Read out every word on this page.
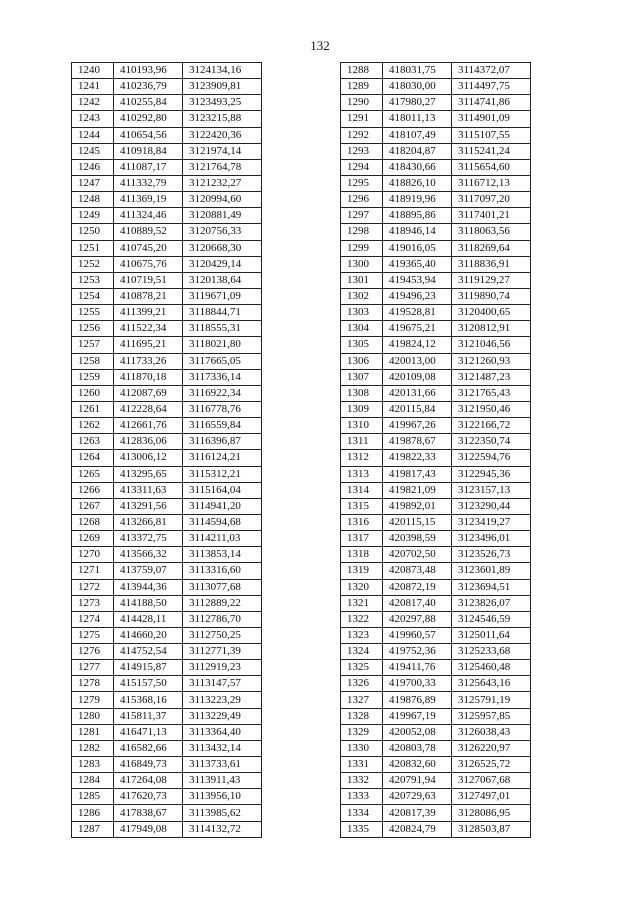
132
1240	410193,96	3124134,16
1241	410236,79	3123909,81
1242	410255,84	3123493,25
1243	410292,80	3123215,88
1244	410654,56	3122420,36
1245	410918,84	3121974,14
1246	411087,17	3121764,78
1247	411332,79	3121232,27
1248	411369,19	3120994,60
1249	411324,46	3120881,49
1250	410889,52	3120756,33
1251	410745,20	3120668,30
1252	410675,76	3120429,14
1253	410719,51	3120138,64
1254	410878,21	3119671,09
1255	411399,21	3118844,71
1256	411522,34	3118555,31
1257	411695,21	3118021,80
1258	411733,26	3117665,05
1259	411870,18	3117336,14
1260	412087,69	3116922,34
1261	412228,64	3116778,76
1262	412661,76	3116559,84
1263	412836,06	3116396,87
1264	413006,12	3116124,21
1265	413295,65	3115312,21
1266	413311,63	3115164,04
1267	413291,56	3114941,20
1268	413266,81	3114594,68
1269	413372,75	3114211,03
1270	413566,32	3113853,14
1271	413759,07	3113316,60
1272	413944,36	3113077,68
1273	414188,50	3112889,22
1274	414428,11	3112786,70
1275	414660,20	3112750,25
1276	414752,54	3112771,39
1277	414915,87	3112919,23
1278	415157,50	3113147,57
1279	415368,16	3113223,29
1280	415811,37	3113229,49
1281	416471,13	3113364,40
1282	416582,66	3113432,14
1283	416849,73	3113733,61
1284	417264,08	3113911,43
1285	417620,73	3113956,10
1286	417838,67	3113985,62
1287	417949,08	3114132,72
1288	418031,75	3114372,07
1289	418030,00	3114497,75
1290	417980,27	3114741,86
1291	418011,13	3114901,09
1292	418107,49	3115107,55
1293	418204,87	3115241,24
1294	418430,66	3115654,60
1295	418826,10	3116712,13
1296	418919,96	3117097,20
1297	418895,86	3117401,21
1298	418946,14	3118063,56
1299	419016,05	3118269,64
1300	419365,40	3118836,91
1301	419453,94	3119129,27
1302	419496,23	3119890,74
1303	419528,81	3120400,65
1304	419675,21	3120812,91
1305	419824,12	3121046,56
1306	420013,00	3121260,93
1307	420109,08	3121487,23
1308	420131,66	3121765,43
1309	420115,84	3121950,46
1310	419967,26	3122166,72
1311	419878,67	3122350,74
1312	419822,33	3122594,76
1313	419817,43	3122945,36
1314	419821,09	3123157,13
1315	419892,01	3123290,44
1316	420115,15	3123419,27
1317	420398,59	3123496,01
1318	420702,50	3123526,73
1319	420873,48	3123601,89
1320	420872,19	3123694,51
1321	420817,40	3123826,07
1322	420297,88	3124546,59
1323	419960,57	3125011,64
1324	419752,36	3125233,68
1325	419411,76	3125460,48
1326	419700,33	3125643,16
1327	419876,89	3125791,19
1328	419967,19	3125957,85
1329	420052,08	3126038,43
1330	420803,78	3126220,97
1331	420832,60	3126525,72
1332	420791,94	3127067,68
1333	420729,63	3127497,01
1334	420817,39	3128086,95
1335	420824,79	3128503,87
